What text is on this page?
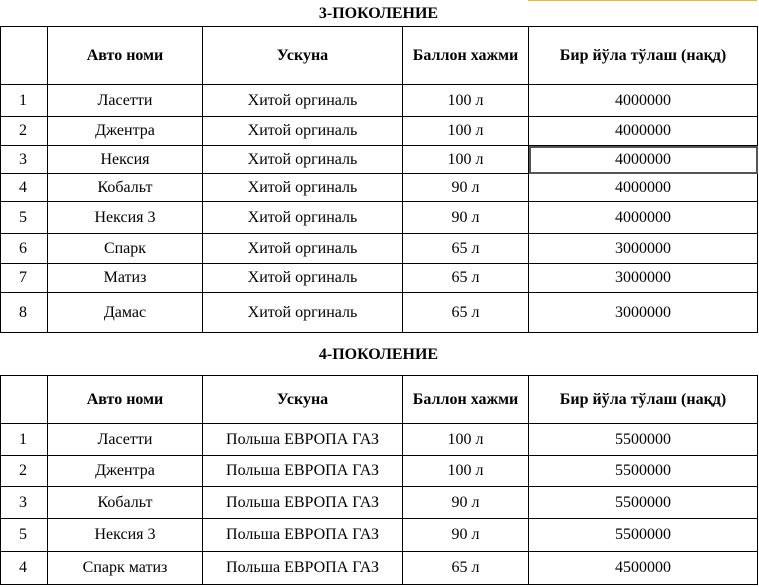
3-ПОКОЛЕНИЕ
	Авто номи	Ускуна	Баллон хажми	Бир йўла тўлаш (нақд)
1	Ласетти	Хитой оргиналь	100 л	4000000
2	Джентра	Хитой оргиналь	100 л	4000000
3	Нексия	Хитой оргиналь	100 л	4000000
4	Кобальт	Хитой оргиналь	90 л	4000000
5	Нексия 3	Хитой оргиналь	90 л	4000000
6	Спарк	Хитой оргиналь	65 л	3000000
7	Матиз	Хитой оргиналь	65 л	3000000
8	Дамас	Хитой оргиналь	65 л	3000000
4-ПОКОЛЕНИЕ
	Авто номи	Ускуна	Баллон хажми	Бир йўла тўлаш (нақд)
1	Ласетти	Польша ЕВРОПА ГАЗ	100 л	5500000
2	Джентра	Польша ЕВРОПА ГАЗ	100 л	5500000
3	Кобальт	Польша ЕВРОПА ГАЗ	90 л	5500000
5	Нексия 3	Польша ЕВРОПА ГАЗ	90 л	5500000
4	Спарк матиз	Польша ЕВРОПА ГАЗ	65 л	4500000
